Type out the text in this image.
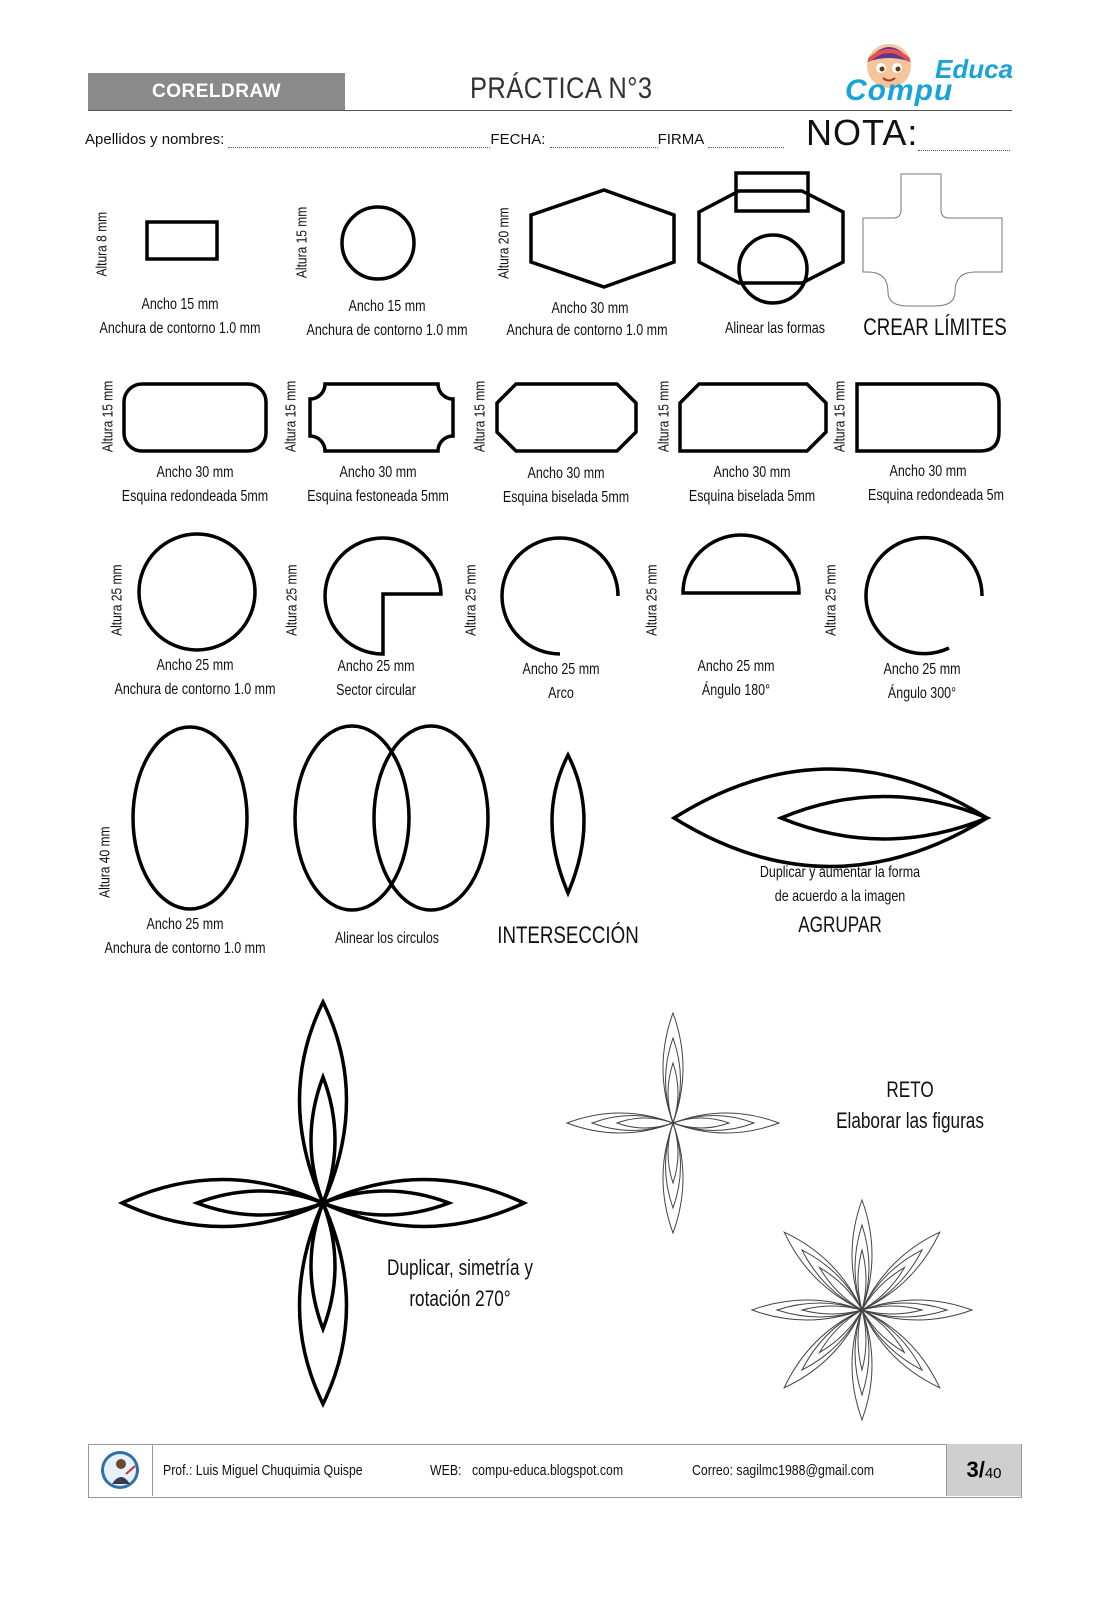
CORELDRAW	PRÁCTICA N°3
Educa
Compu
Apellidos y nombres:	FECHA:	FIRMA	NOTA:
Altura 8 mm	Altura 15 mm	Altura 20 mm
Altura 15 mm	Altura 15 mm	Altura 15 mm	Altura 15 mm	Altura 15 mm
Altura 25 mm	Altura 25 mm	Altura 25 mm	Altura 25 mm	Altura 25 mm
Altura 40 mm
Ancho 15 mm
Anchura de contorno 1.0 mm
Ancho 15 mm
Anchura de contorno 1.0 mm
Ancho 30 mm
Anchura de contorno 1.0 mm	Alinear las formas	CREAR LÍMITES
Ancho 30 mm
Esquina redondeada 5mm
Ancho 30 mm
Esquina festoneada 5mm
Ancho 30 mm
Esquina biselada 5mm
Ancho 30 mm
Esquina biselada 5mm
Ancho 30 mm
Esquina redondeada 5m
Ancho 25 mm
Anchura de contorno 1.0 mm
Ancho 25 mm
Sector circular
Ancho 25 mm
Arco
Ancho 25 mm
Ángulo 180°
Ancho 25 mm
Ángulo 300°
Ancho 25 mm
Anchura de contorno 1.0 mm
Alinear los circulos	INTERSECCIÓN
Duplicar y aumentar la forma
de acuerdo a la imagen
AGRUPAR
Duplicar, simetría y
rotación 270°
RETO
Elaborar las figuras
Prof.: Luis Miguel Chuquimia Quispe	WEB: compu-educa.blogspot.com	Correo: sagilmc1988@gmail.com	3/ 40
